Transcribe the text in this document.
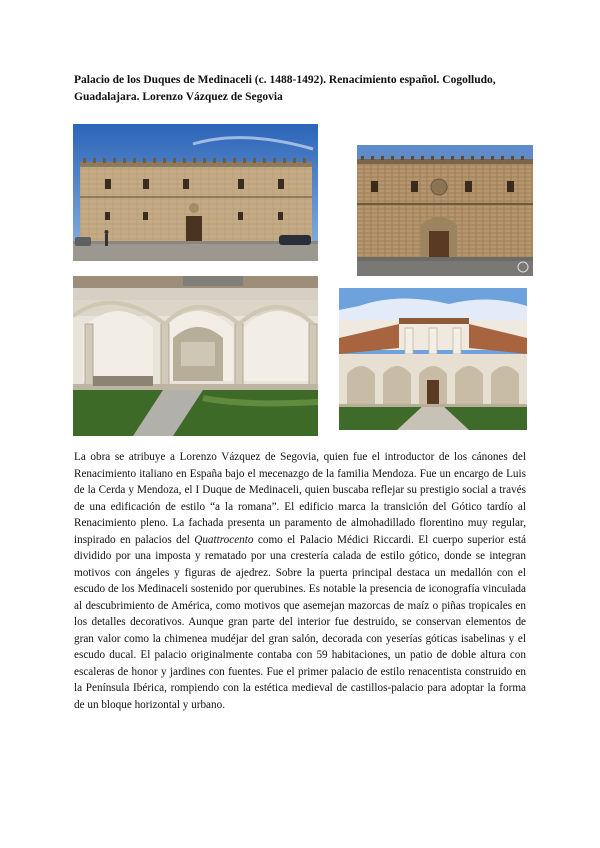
Palacio de los Duques de Medinaceli (c. 1488-1492). Renacimiento español. Cogolludo, Guadalajara. Lorenzo Vázquez de Segovia

La obra se atribuye a Lorenzo Vázquez de Segovia, quien fue el introductor de los cánones del Renacimiento italiano en España bajo el mecenazgo de la familia Mendoza. Fue un encargo de Luis de la Cerda y Mendoza, el I Duque de Medinaceli, quien buscaba reflejar su prestigio social a través de una edificación de estilo “a la romana”. El edificio marca la transición del Gótico tardío al Renacimiento pleno. La fachada presenta un paramento de almohadillado florentino muy regular, inspirado en palacios del Quattrocento como el Palacio Médici Riccardi. El cuerpo superior está dividido por una imposta y rematado por una crestería calada de estilo gótico, donde se integran motivos con ángeles y figuras de ajedrez. Sobre la puerta principal destaca un medallón con el escudo de los Medinaceli sostenido por querubines. Es notable la presencia de iconografía vinculada al descubrimiento de América, como motivos que asemejan mazorcas de maíz o piñas tropicales en los detalles decorativos. Aunque gran parte del interior fue destruido, se conservan elementos de gran valor como la chimenea mudéjar del gran salón, decorada con yeserías góticas isabelinas y el escudo ducal. El palacio originalmente contaba con 59 habitaciones, un patio de doble altura con escaleras de honor y jardines con fuentes. Fue el primer palacio de estilo renacentista construido en la Península Ibérica, rompiendo con la estética medieval de castillos-palacio para adoptar la forma de un bloque horizontal y urbano.
